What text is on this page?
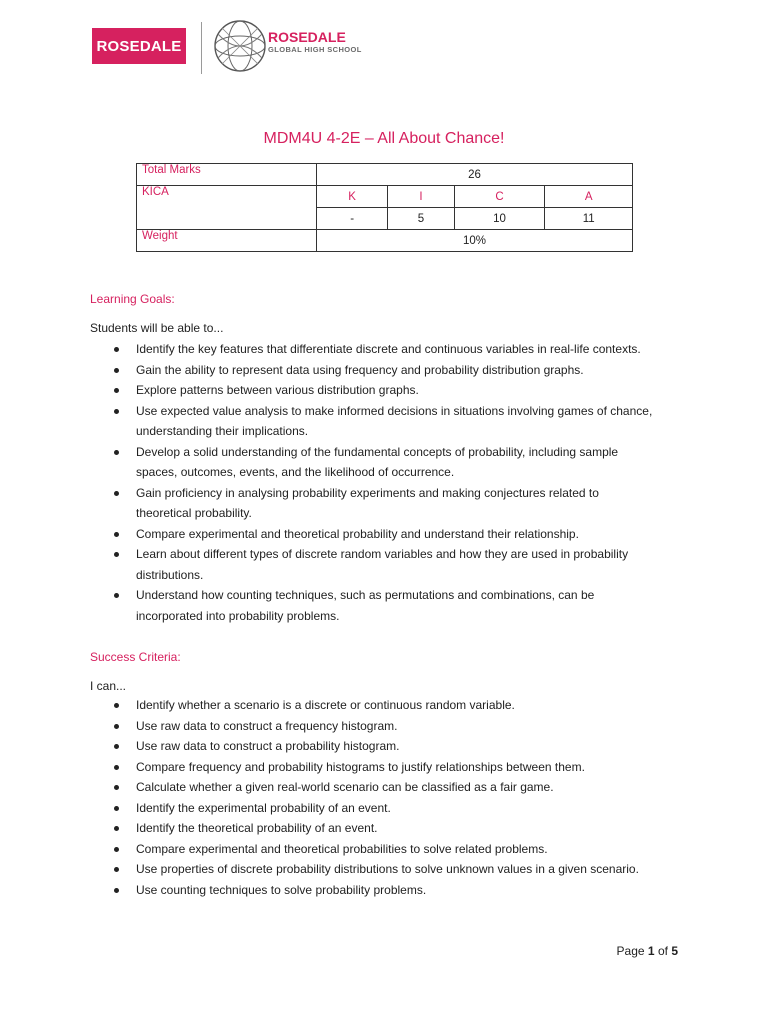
ROSEDALE
ROSEDALE
GLOBAL HIGH SCHOOL
MDM4U 4-2E – All About Chance!
Total Marks	26			
KICA	K	I	C	A
	-	5	10	11
Weight	10%			
Learning Goals:
Students will be able to...
Identify the key features that differentiate discrete and continuous variables in real-life contexts.
Gain the ability to represent data using frequency and probability distribution graphs.
Explore patterns between various distribution graphs.
Use expected value analysis to make informed decisions in situations involving games of chance,
understanding their implications.
Develop a solid understanding of the fundamental concepts of probability, including sample
spaces, outcomes, events, and the likelihood of occurrence.
Gain proficiency in analysing probability experiments and making conjectures related to
theoretical probability.
Compare experimental and theoretical probability and understand their relationship.
Learn about different types of discrete random variables and how they are used in probability
distributions.
Understand how counting techniques, such as permutations and combinations, can be
incorporated into probability problems.
Success Criteria:
I can...
Identify whether a scenario is a discrete or continuous random variable.
Use raw data to construct a frequency histogram.
Use raw data to construct a probability histogram.
Compare frequency and probability histograms to justify relationships between them.
Calculate whether a given real-world scenario can be classified as a fair game.
Identify the experimental probability of an event.
Identify the theoretical probability of an event.
Compare experimental and theoretical probabilities to solve related problems.
Use properties of discrete probability distributions to solve unknown values in a given scenario.
Use counting techniques to solve probability problems.
Page 1 of 5
